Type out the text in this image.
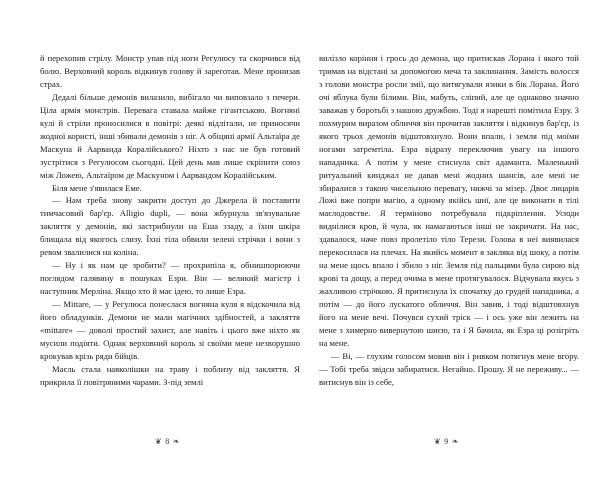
й перехопив стрілу. Монстр упав під ноги Регулюсу та скорчився від болю. Верховний король відкинув голову й зареготав. Мене пронизав страх.

Дедалі більше демонів вилазило, вибігало чи виповзало з печери. Ціла армія монстрів. Перевага ставала майже гігантською. Вогняні кулі й стріли проносилися в повітрі: деякі відлітали, не приносячи жодної користі, інші збивали демонів з ніг. А обіцяні армії Альтаїра де Маскуна й Аарванда Коралійського? Ніхто з нас не був готовий зустрітися з Регулюсом сьогодні. Цей день мав лише скріпити союз між Ложею, Альтаїром де Маскуном і Аарвандом Коралійським.

Біля мене з'явилася Еме.

— Нам треба знову закрити доступ до Джерела й поставити тимчасовий бар'єр. Alligio dupli, — вона жбурнула зв'язувальне закляття у демонів, які застрибнули на Еша ззаду, а їхня шкіра блищала від якогось слизу. Їхні тіла обвили зелені стрічки і вони з ревом звалилися на коліна.

— Ну і як нам це зробити? — прохрипіла я, обнишпорюючи поглядом галявину в пошуках Езри. Він — великий магістр і наступник Мерліна. Якщо хто й має ідею, то лише Езра.

— Mittare, — у Регулюса понеслася вогняна куля я відскочила від його обладунків. Демони не мали магічних здібностей, а закляття «mittare» — доволі простий захист, але навіть і цього вже ніхто як мусили подіяти. Однак верховний король зі своїми мене незворушно крокував крізь ряди бійців.

Маєль стала навколішки на траву і поблизу від закляття. Я прикрила її повітряними чарами. З-під землі

вилізло коріння і грось до демона, що притискав Лорана і якого той тримав на відстані за допомогою меча та заклинання. Замість волосся з голови монстра росли змії, що витягували язики в бік Лорана. Його очі яблука були білими. Він, мабуть, сліпий, але це однаково значно заважав у боротьбі з нашою дружбою. Тоді я нарешті помітила Езру. З похмурим виразом обличчя він прочитав закляття і відкинув бар'єр, із якого трьох демонів відштовхнуло. Вони впали, і земля під моїми ногами затремтіла. Езра відразу переключив увагу на іншого нападника. А потім у мене стиснула світ адаманта. Маленький ритуальний кинджал не давав мені жодних шансів, але мені не збиралися з такою чисельною перевагу, нижчі за мізер. Двоє лицарів Ложі вже попри магію, а одному якійсь шиї, але це виконати в тілі маєлодовстве. Я терміново потребувала підкріплення. Усюди виднілися кров, й чула, як намагаються інші не закричати. На нас, здавалося, наче повз пролетіло тіло Терези. Голова в неї виявилася перекосилася на плечах. На якийсь момент я закляка від шоку, а потім на мене щось впало і збило з ніг. Земля під пальцями була сирою від крові та дощу, а перед очима в мене протягувалося. Відчувала якусь з жахливою стрічкою. Я притиснула їх спочатку до грудей нападника, а потім — до його лускатого обличчя. Він завив, і тоді відштовхнув його на мене вечі. Почувся сухий тріск — і ось уже він лежить на мене з химерно вивернутою шиєю, та і Я бачила, як Езра ці розігріть на мене.

— Ві, — глухим голосом мовив він і ривком потягнув мене вгору. — Тобі треба звідси забиратися. Негайно. Прошу. Я не переживу... — витиснув він із себе,

❦ 8 ❧	❦ 9 ❧
